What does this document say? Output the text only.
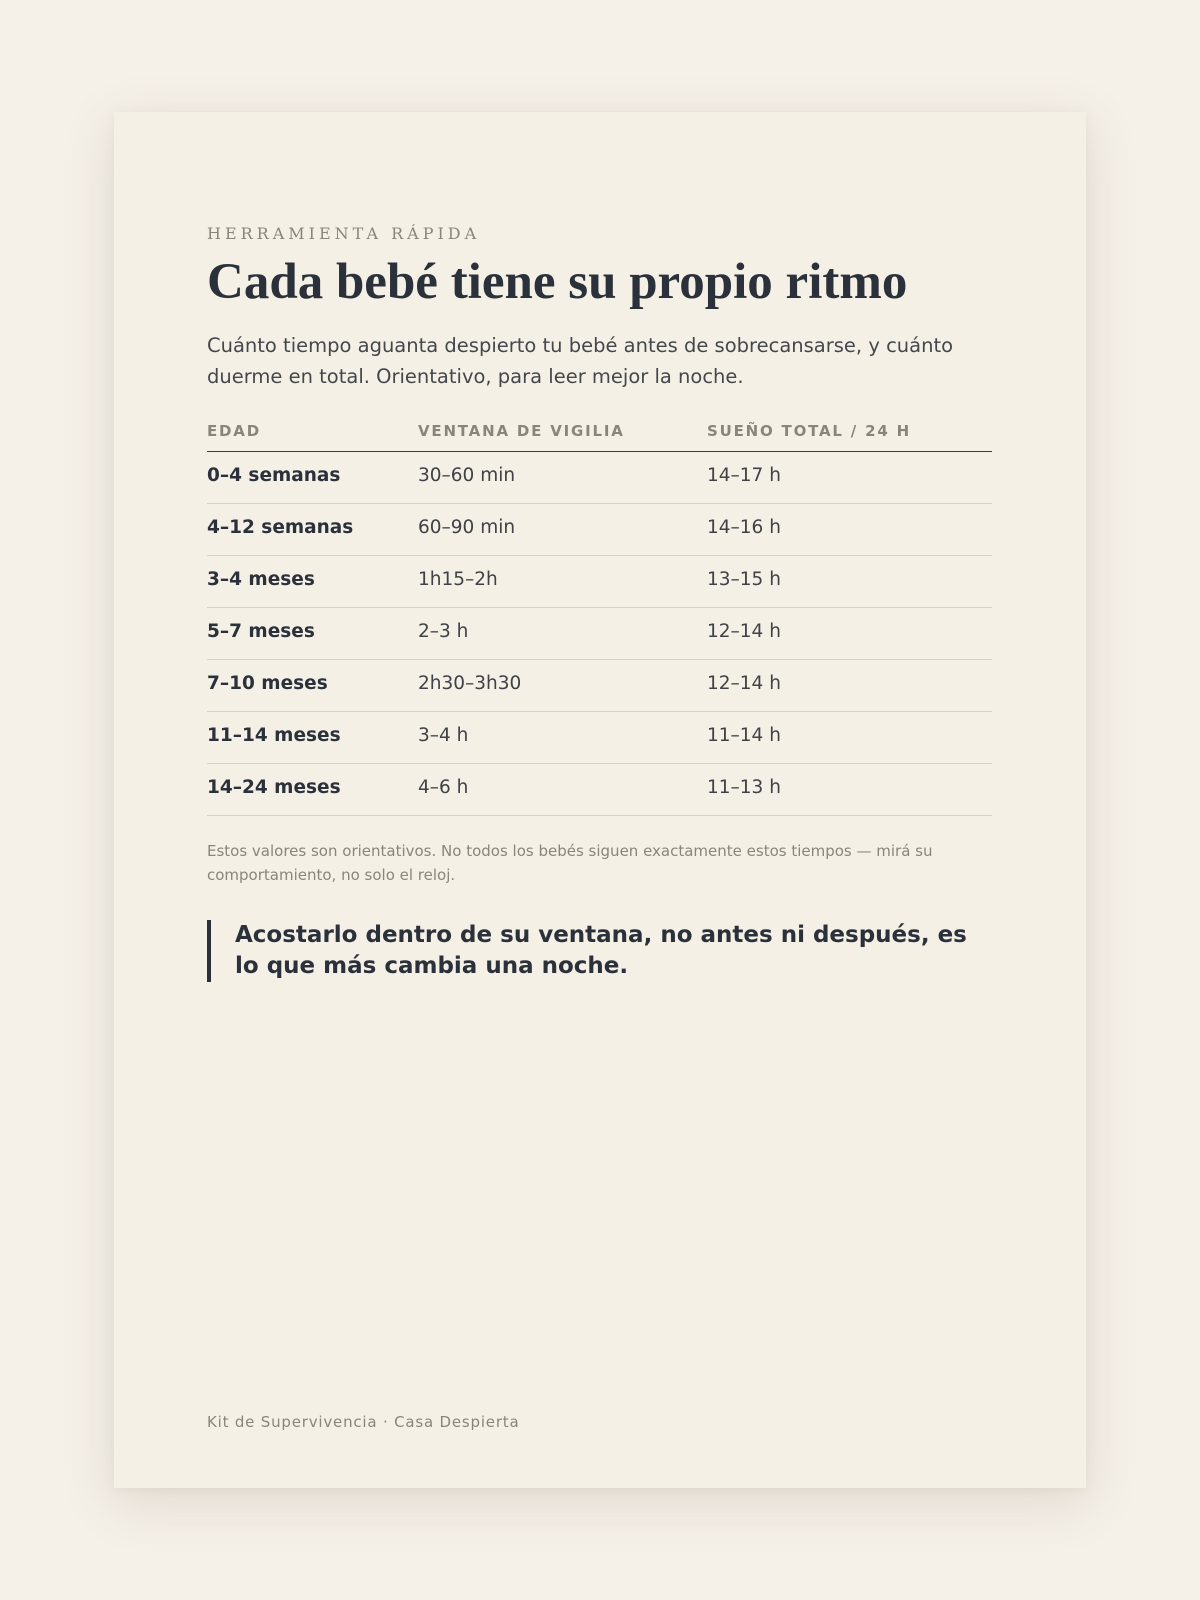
HERRAMIENTA RÁPIDA
Cada bebé tiene su propio ritmo

Cuánto tiempo aguanta despierto tu bebé antes de sobrecansarse, y cuánto duerme en total. Orientativo, para leer mejor la noche.

EDAD	VENTANA DE VIGILIA	SUEÑO TOTAL / 24 H
0–4 semanas	30–60 min	14–17 h
4–12 semanas	60–90 min	14–16 h
3–4 meses	1h15–2h	13–15 h
5–7 meses	2–3 h	12–14 h
7–10 meses	2h30–3h30	12–14 h
11–14 meses	3–4 h	11–14 h
14–24 meses	4–6 h	11–13 h

Estos valores son orientativos. No todos los bebés siguen exactamente estos tiempos — mirá su comportamiento, no solo el reloj.

Acostarlo dentro de su ventana, no antes ni después, es lo que más cambia una noche.

Kit de Supervivencia · Casa Despierta
